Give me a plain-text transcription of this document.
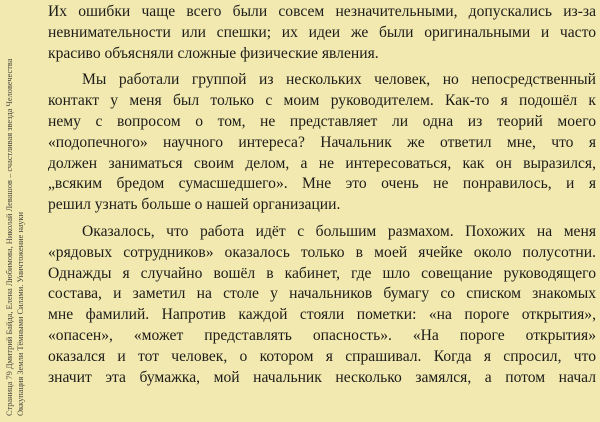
Страница 79 Дмитрий Байда, Елена Любимова, Николай Левашов – счастливая звезда Человечества Оккупация Земли Тёмными Силами. Уничтожение науки
Их ошибки чаще всего были совсем незначительными, допускались из-за
невнимательности или спешки; их идеи же были оригинальными и часто
красиво объясняли сложные физические явления.
Мы работали группой из нескольких человек, но непосредственный
контакт у меня был только с моим руководителем. Как-то я подошёл к
нему с вопросом о том, не представляет ли одна из теорий моего
«подопечного» научного интереса? Начальник же ответил мне, что я
должен заниматься своим делом, а не интересоваться, как он выразился,
„всяким бредом сумасшедшего». Мне это очень не понравилось, и я
решил узнать больше о нашей организации.
Оказалось, что работа идёт с большим размахом. Похожих на меня
«рядовых сотрудников» оказалось только в моей ячейке около полусотни.
Однажды я случайно вошёл в кабинет, где шло совещание руководящего
состава, и заметил на столе у начальников бумагу со списком знакомых
мне фамилий. Напротив каждой стояли пометки: «на пороге открытия»,
«опасен», «может представлять опасность». «На пороге открытия»
оказался и тот человек, о котором я спрашивал. Когда я спросил, что
значит эта бумажка, мой начальник несколько замялся, а потом начал
